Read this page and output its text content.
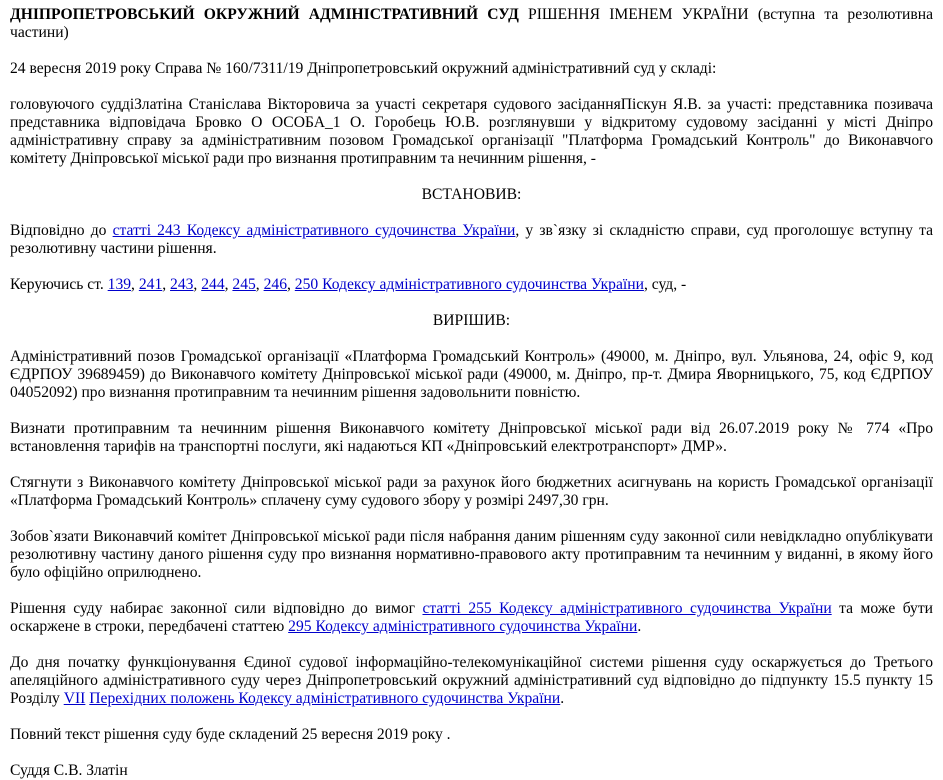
ДНІПРОПЕТРОВСЬКИЙ ОКРУЖНИЙ АДМІНІСТРАТИВНИЙ СУД РІШЕННЯ ІМЕНЕМ УКРАЇНИ (вступна та резолютивна частини)
24 вересня 2019 року Справа № 160/7311/19 Дніпропетровський окружний адміністративний суд у складі:
головуючого суддіЗлатіна Станіслава Вікторовича за участі секретаря судового засіданняПіскун Я.В. за участі: представника позивача представника відповідача Бровко О ОСОБА_1 О. Горобець Ю.В. розглянувши у відкритому судовому засіданні у місті Дніпро адміністративну справу за адміністративним позовом Громадської організації "Платформа Громадський Контроль" до Виконавчого комітету Дніпровської міської ради про визнання протиправним та нечинним рішення, -
ВСТАНОВИВ:
Відповідно до статті 243 Кодексу адміністративного судочинства України, у зв`язку зі складністю справи, суд проголошує вступну та резолютивну частини рішення.
Керуючись ст. 139, 241, 243, 244, 245, 246, 250 Кодексу адміністративного судочинства України, суд, -
ВИРІШИВ:
Адміністративний позов Громадської організації «Платформа Громадський Контроль» (49000, м. Дніпро, вул. Ульянова, 24, офіс 9, код ЄДРПОУ 39689459) до Виконавчого комітету Дніпровської міської ради (49000, м. Дніпро, пр-т. Дмира Яворницького, 75, код ЄДРПОУ 04052092) про визнання протиправним та нечинним рішення задовольнити повністю.
Визнати протиправним та нечинним рішення Виконавчого комітету Дніпровської міської ради від 26.07.2019 року № 774 «Про встановлення тарифів на транспортні послуги, які надаються КП «Дніпровський електротранспорт» ДМР».
Стягнути з Виконавчого комітету Дніпровської міської ради за рахунок його бюджетних асигнувань на користь Громадської організації «Платформа Громадський Контроль» сплачену суму судового збору у розмірі 2497,30 грн.
Зобов`язати Виконавчий комітет Дніпровської міської ради після набрання даним рішенням суду законної сили невідкладно опублікувати резолютивну частину даного рішення суду про визнання нормативно-правового акту протиправним та нечинним у виданні, в якому його було офіційно оприлюднено.
Рішення суду набирає законної сили відповідно до вимог статті 255 Кодексу адміністративного судочинства України та може бути оскаржене в строки, передбачені статтею 295 Кодексу адміністративного судочинства України.
До дня початку функціонування Єдиної судової інформаційно-телекомунікаційної системи рішення суду оскаржується до Третього апеляційного адміністративного суду через Дніпропетровський окружний адміністративний суд відповідно до підпункту 15.5 пункту 15 Розділу VII Перехідних положень Кодексу адміністративного судочинства України.
Повний текст рішення суду буде складений 25 вересня 2019 року .
Суддя С.В. Златін
